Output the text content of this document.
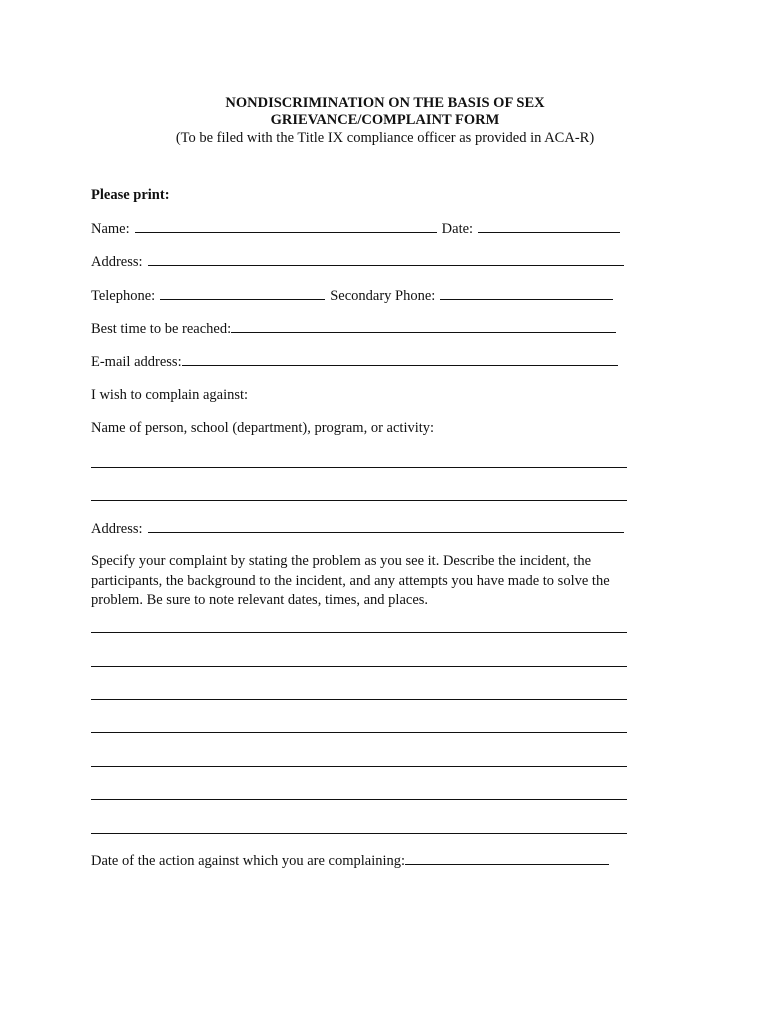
NONDISCRIMINATION ON THE BASIS OF SEX
GRIEVANCE/COMPLAINT FORM
(To be filed with the Title IX compliance officer as provided in ACA-R)
Please print:
Name:	Date:
Address:
Telephone:	Secondary Phone:
Best time to be reached:
E-mail address:
I wish to complain against:
Name of person, school (department), program, or activity:
Address:
Specify your complaint by stating the problem as you see it. Describe the incident, the participants, the background to the incident, and any attempts you have made to solve the problem. Be sure to note relevant dates, times, and places.
Date of the action against which you are complaining:
